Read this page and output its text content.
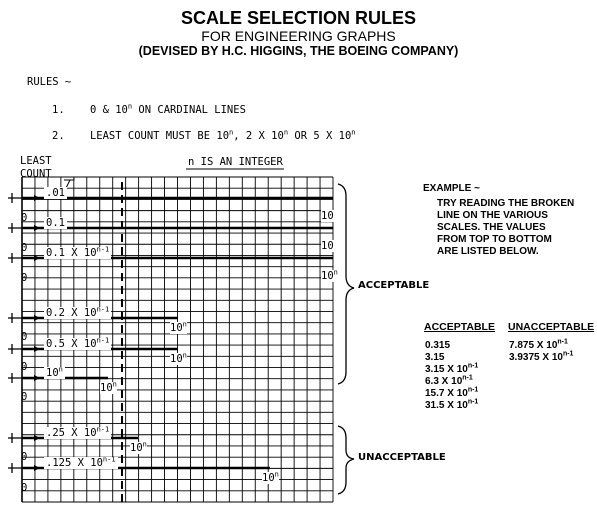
SCALE SELECTION RULES
FOR ENGINEERING GRAPHS
(DEVISED BY H.C. HIGGINS, THE BOEING COMPANY)
RULES ~
1. 0 & 10$^n$ ON CARDINAL LINES
2. LEAST COUNT MUST BE 10$^n$, 2 X 10$^n$ OR 5 X 10$^n$
LEAST
COUNT
n IS AN INTEGER
.01
10
0 0.1
10
0 0.1 X 10$^{n-1}$
10$^n$
0
0.2 X 10$^{n-1}$
10$^n$
0
0.5 X 10$^{n-1}$
10$^n$
0 10$^n$
10$^n$
0
.25 X 10$^{n-1}$
10$^n$
0 .125 X 10$^{n-1}$
10$^n$
0
ACCEPTABLE
UNACCEPTABLE
EXAMPLE ~
TRY READING THE BROKEN
LINE ON THE VARIOUS
SCALES. THE VALUES
FROM TOP TO BOTTOM
ARE LISTED BELOW.
ACCEPTABLE UNACCEPTABLE
0.315
3.15
3.15 X 10$^{n-1}$
6.3 X 10$^{n-1}$
15.7 X 10$^{n-1}$
31.5 X 10$^{n-1}$
7.875 X 10$^{n-1}$
3.9375 X 10$^{n-1}$
